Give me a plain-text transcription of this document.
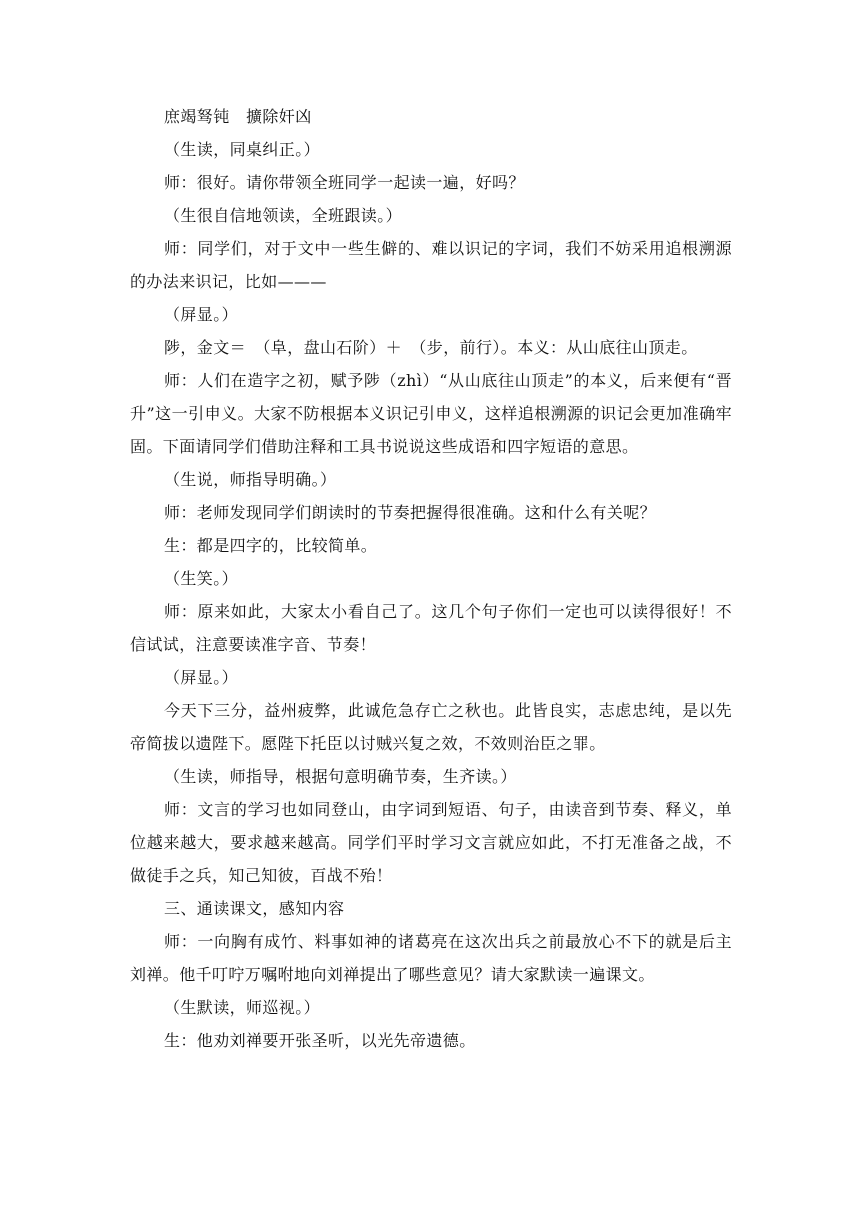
庶竭驽钝　擴除奸凶

（生读，同桌纠正。）

师：很好。请你带领全班同学一起读一遍，好吗？

（生很自信地领读，全班跟读。）

师：同学们，对于文中一些生僻的、难以识记的字词，我们不妨采用追根溯源的办法来识记，比如———

（屏显。）

陟，金文＝　（阜，盘山石阶）＋　（步，前行）。本义：从山底往山顶走。

师：人们在造字之初，赋予陟（zhì）“从山底往山顶走”的本义，后来便有“晋升”这一引申义。大家不防根据本义识记引申义，这样追根溯源的识记会更加准确牢固。下面请同学们借助注释和工具书说说这些成语和四字短语的意思。

（生说，师指导明确。）

师：老师发现同学们朗读时的节奏把握得很准确。这和什么有关呢？

生：都是四字的，比较简单。

（生笑。）

师：原来如此，大家太小看自己了。这几个句子你们一定也可以读得很好！不信试试，注意要读准字音、节奏！

（屏显。）

今天下三分，益州疲弊，此诚危急存亡之秋也。此皆良实，志虑忠纯，是以先帝简拔以遗陛下。愿陛下托臣以讨贼兴复之效，不效则治臣之罪。

（生读，师指导，根据句意明确节奏，生齐读。）

师：文言的学习也如同登山，由字词到短语、句子，由读音到节奏、释义，单位越来越大，要求越来越高。同学们平时学习文言就应如此，不打无准备之战，不做徒手之兵，知己知彼，百战不殆！

三、通读课文，感知内容

师：一向胸有成竹、料事如神的诸葛亮在这次出兵之前最放心不下的就是后主刘禅。他千叮咛万嘱咐地向刘禅提出了哪些意见？请大家默读一遍课文。

（生默读，师巡视。）

生：他劝刘禅要开张圣听，以光先帝遗德。
